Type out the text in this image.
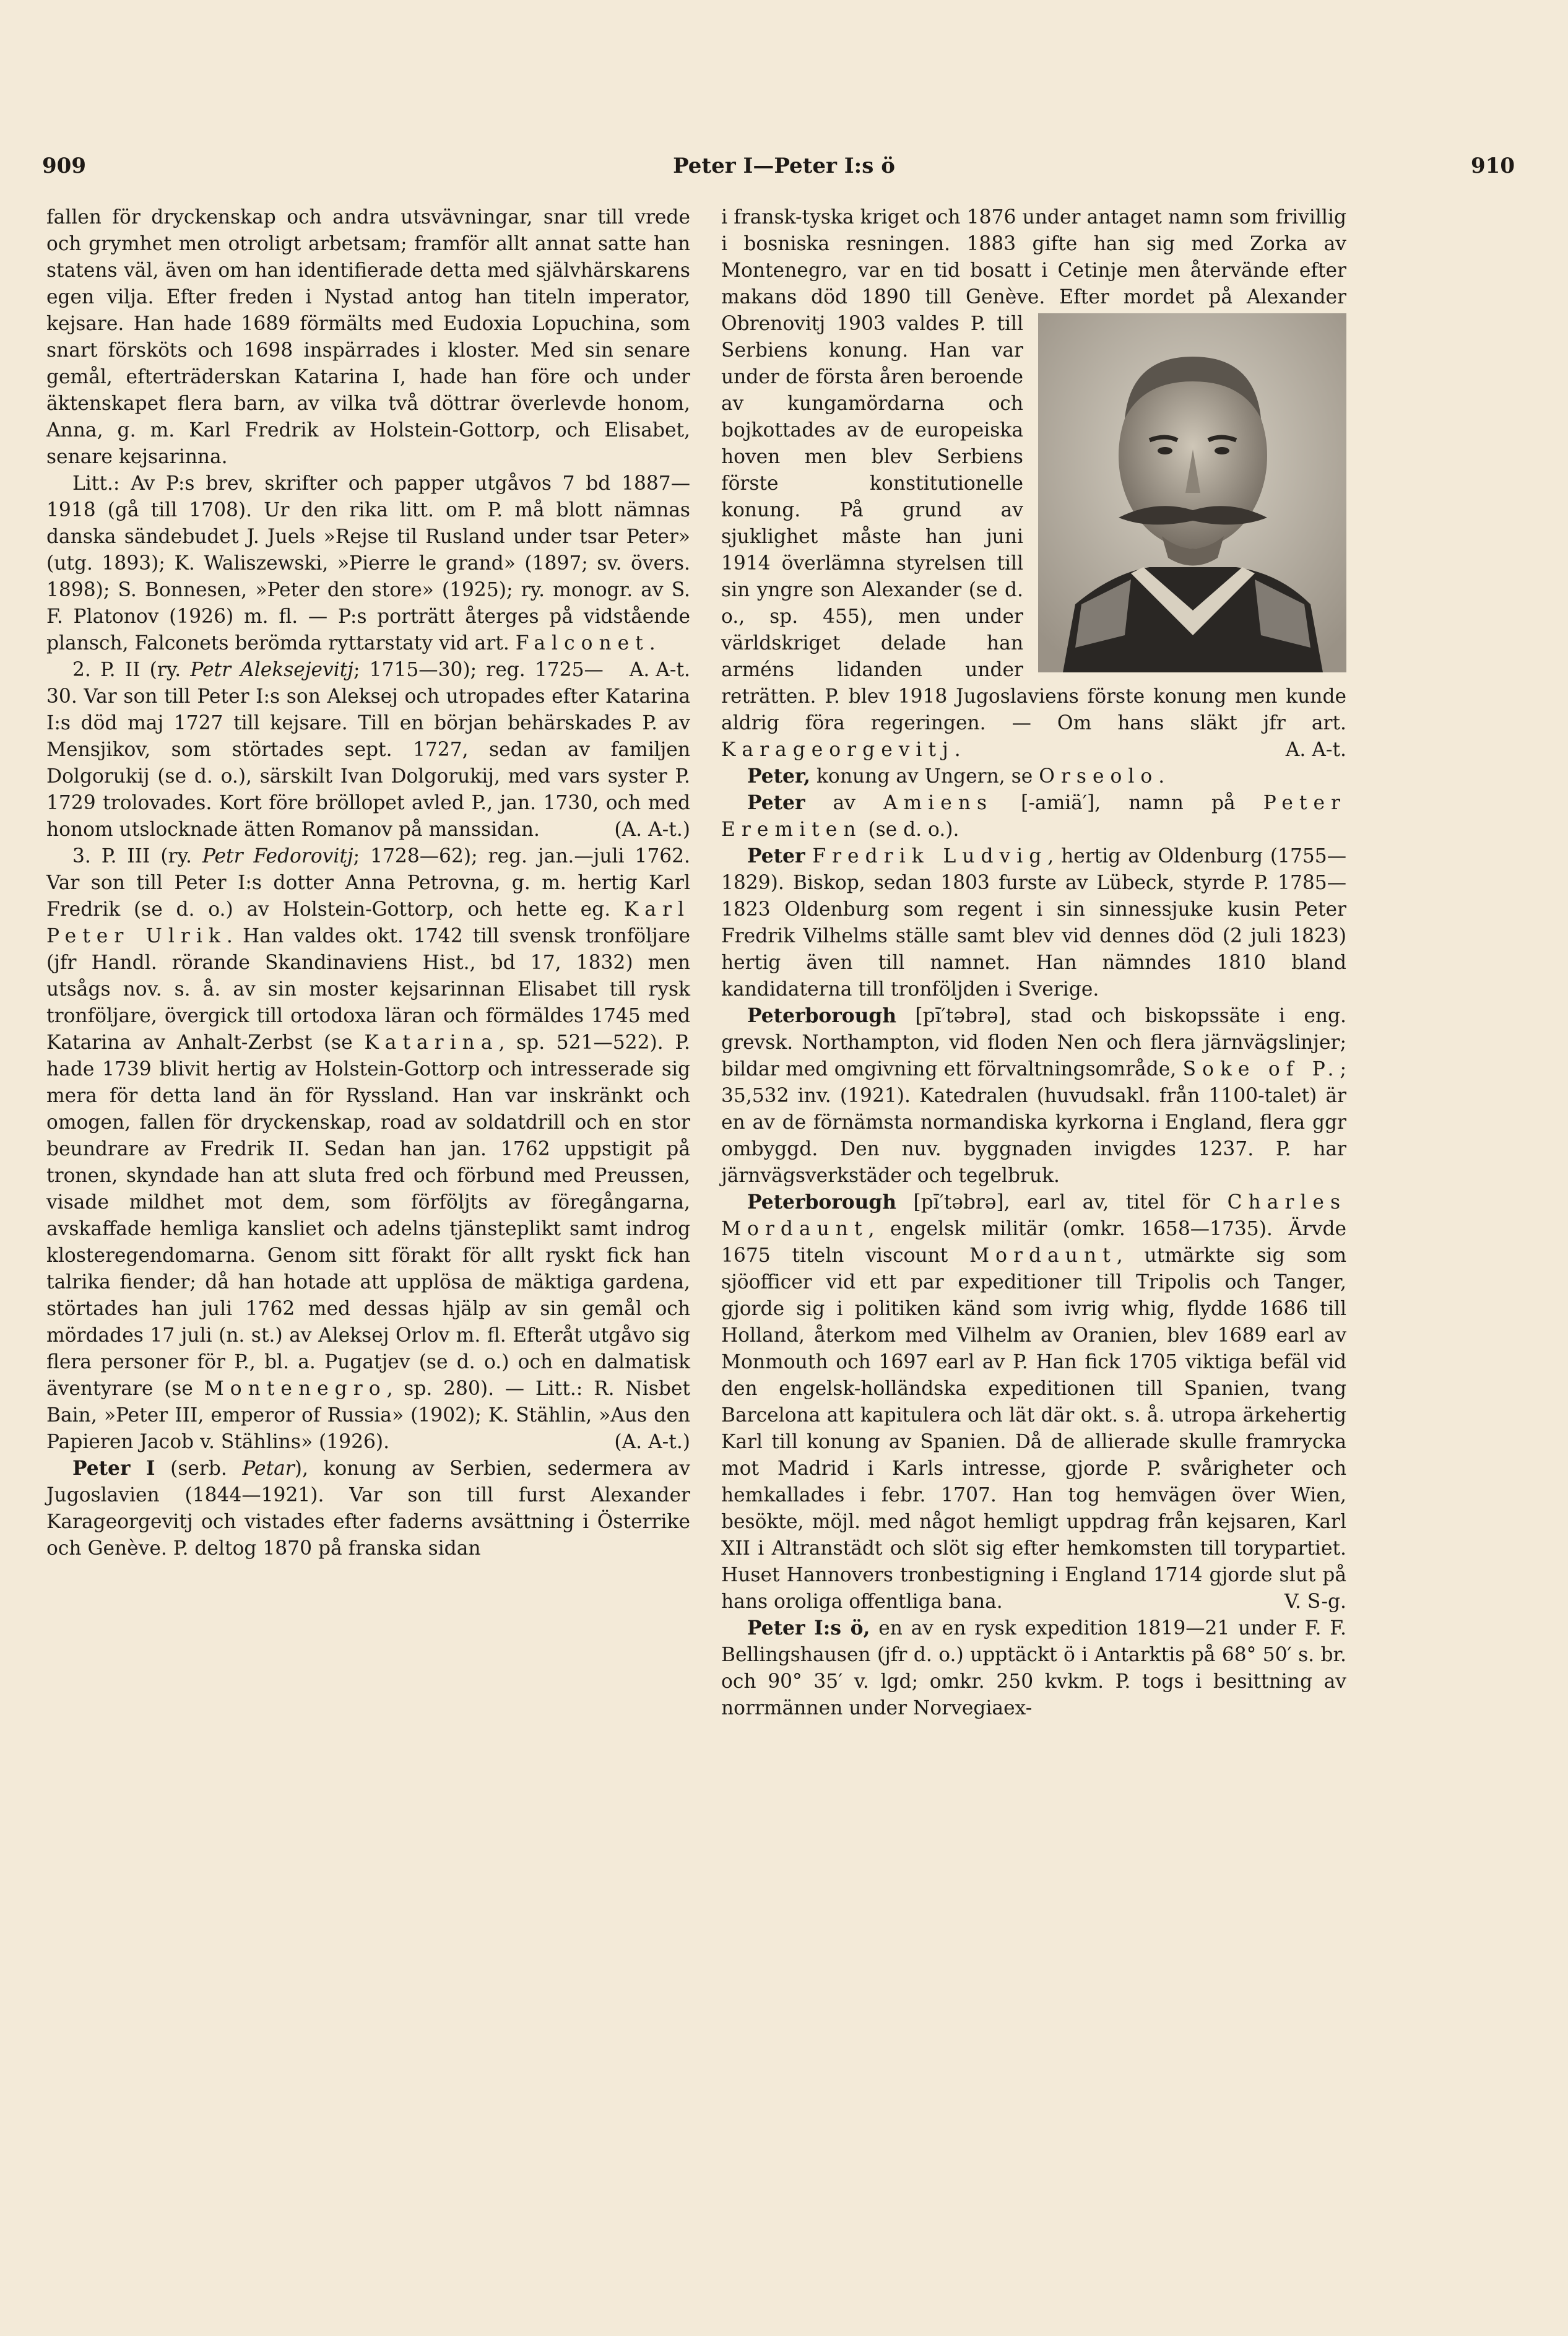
909	Peter I—Peter I:s ö	910

fallen för dryckenskap och andra utsvävningar, snar till vrede och grymhet men otroligt arbetsam; framför allt annat satte han statens väl, även om han identifierade detta med självhärskarens egen vilja. Efter freden i Nystad antog han titeln imperator, kejsare. Han hade 1689 förmälts med Eudoxia Lopuchina, som snart försköts och 1698 inspärrades i kloster. Med sin senare gemål, efterträderskan Katarina I, hade han före och under äktenskapet flera barn, av vilka två döttrar överlevde honom, Anna, g. m. Karl Fredrik av Holstein-Gottorp, och Elisabet, senare kejsarinna.

Litt.: Av P:s brev, skrifter och papper utgåvos 7 bd 1887—1918 (gå till 1708). Ur den rika litt. om P. må blott nämnas danska sändebudet J. Juels »Rejse til Rusland under tsar Peter» (utg. 1893); K. Waliszewski, »Pierre le grand» (1897; sv. övers. 1898); S. Bonnesen, »Peter den store» (1925); ry. monogr. av S. F. Platonov (1926) m. fl. — P:s porträtt återges på vidstående plansch, Falconets berömda ryttarstaty vid art. Falconet.
A. A-t.

2. P. II (ry. Petr Aleksejevitj; 1715—30); reg. 1725—30. Var son till Peter I:s son Aleksej och utropades efter Katarina I:s död maj 1727 till kejsare. Till en början behärskades P. av Mensjikov, som störtades sept. 1727, sedan av familjen Dolgorukij (se d. o.), särskilt Ivan Dolgorukij, med vars syster P. 1729 trolovades. Kort före bröllopet avled P., jan. 1730, och med honom utslocknade ätten Romanov på manssidan.	(A. A-t.)

3. P. III (ry. Petr Fedorovitj; 1728—62); reg. jan.—juli 1762. Var son till Peter I:s dotter Anna Petrovna, g. m. hertig Karl Fredrik (se d. o.) av Holstein-Gottorp, och hette eg. Karl Peter Ulrik. Han valdes okt. 1742 till svensk tronföljare (jfr Handl. rörande Skandinaviens Hist., bd 17, 1832) men utsågs nov. s. å. av sin moster kejsarinnan Elisabet till rysk tronföljare, övergick till ortodoxa läran och förmäldes 1745 med Katarina av Anhalt-Zerbst (se Katarina, sp. 521—522). P. hade 1739 blivit hertig av Holstein-Gottorp och intresserade sig mera för detta land än för Ryssland. Han var inskränkt och omogen, fallen för dryckenskap, road av soldatdrill och en stor beundrare av Fredrik II. Sedan han jan. 1762 uppstigit på tronen, skyndade han att sluta fred och förbund med Preussen, visade mildhet mot dem, som förföljts av föregångarna, avskaffade hemliga kansliet och adelns tjänsteplikt samt indrog klosteregendomarna. Genom sitt förakt för allt ryskt fick han talrika fiender; då han hotade att upplösa de mäktiga gardena, störtades han juli 1762 med dessas hjälp av sin gemål och mördades 17 juli (n. st.) av Aleksej Orlov m. fl. Efteråt utgåvo sig flera personer för P., bl. a. Pugatjev (se d. o.) och en dalmatisk äventyrare (se Montenegro, sp. 280). — Litt.: R. Nisbet Bain, »Peter III, emperor of Russia» (1902); K. Stählin, »Aus den Papieren Jacob v. Stählins» (1926).	(A. A-t.)

Peter I (serb. Petar), konung av Serbien, sedermera av Jugoslavien (1844—1921). Var son till furst Alexander Karageorgevitj och vistades efter faderns avsättning i Österrike och Genève. P. deltog 1870 på franska sidan

i fransk-tyska kriget och 1876 under antaget namn som frivillig i bosniska resningen. 1883 gifte han sig med Zorka av Montenegro, var en tid bosatt i Cetinje men återvände efter makans död 1890 till Genève. Efter mordet på Alexander Obrenovitj 1903 valdes P. till Serbiens konung. Han var under de första åren beroende av kungamördarna och bojkottades av de europeiska hoven men blev Serbiens förste konstitutionelle konung. På grund av sjuklighet måste han juni 1914 överlämna styrelsen till sin yngre son Alexander (se d. o., sp. 455), men under världskriget delade han arméns lidanden under reträtten. P. blev 1918 Jugoslaviens förste konung men kunde aldrig föra regeringen. — Om hans släkt jfr art. Karageorgevitj.	A. A-t.

Peter, konung av Ungern, se Orseolo.

Peter av Amiens [-amiä′], namn på Peter Eremiten (se d. o.).

Peter Fredrik Ludvig, hertig av Oldenburg (1755—1829). Biskop, sedan 1803 furste av Lübeck, styrde P. 1785—1823 Oldenburg som regent i sin sinnessjuke kusin Peter Fredrik Vilhelms ställe samt blev vid dennes död (2 juli 1823) hertig även till namnet. Han nämndes 1810 bland kandidaterna till tronföljden i Sverige.

Peterborough [pı̄′təbrə], stad och biskopssäte i eng. grevsk. Northampton, vid floden Nen och flera järnvägslinjer; bildar med omgivning ett förvaltningsområde, Soke of P.; 35,532 inv. (1921). Katedralen (huvudsakl. från 1100-talet) är en av de förnämsta normandiska kyrkorna i England, flera ggr ombyggd. Den nuv. byggnaden invigdes 1237. P. har järnvägsverkstäder och tegelbruk.

Peterborough [pı̄′təbrə], earl av, titel för Charles Mordaunt, engelsk militär (omkr. 1658—1735). Ärvde 1675 titeln viscount Mordaunt, utmärkte sig som sjöofficer vid ett par expeditioner till Tripolis och Tanger, gjorde sig i politiken känd som ivrig whig, flydde 1686 till Holland, återkom med Vilhelm av Oranien, blev 1689 earl av Monmouth och 1697 earl av P. Han fick 1705 viktiga befäl vid den engelsk-holländska expeditionen till Spanien, tvang Barcelona att kapitulera och lät där okt. s. å. utropa ärkehertig Karl till konung av Spanien. Då de allierade skulle framrycka mot Madrid i Karls intresse, gjorde P. svårigheter och hemkallades i febr. 1707. Han tog hemvägen över Wien, besökte, möjl. med något hemligt uppdrag från kejsaren, Karl XII i Altranstädt och slöt sig efter hemkomsten till torypartiet. Huset Hannovers tronbestigning i England 1714 gjorde slut på hans oroliga offentliga bana.	V. S-g.

Peter I:s ö, en av en rysk expedition 1819—21 under F. F. Bellingshausen (jfr d. o.) upptäckt ö i Antarktis på 68° 50′ s. br. och 90° 35′ v. lgd; omkr. 250 kvkm. P. togs i besittning av norrmännen under Norvegiaex-
